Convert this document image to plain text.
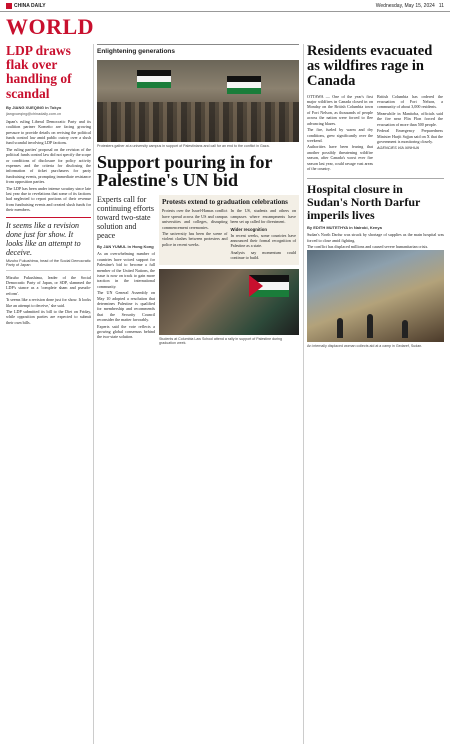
CHINA DAILY	Wednesday, May 15, 2024 11
WORLD
LDP draws flak over handling of scandal
By JIANG XUEQING in Tokyo
jiangxueqing@chinadaily.com.cn

Japan's ruling Liberal Democratic Party and its coalition partner Komeito are facing growing pressure to provide details on revising the political funds control law amid public outcry over a slush fund scandal involving LDP factions.

The ruling parties' proposal on the revision of the political funds control law did not specify the scope or conditions of disclosure for policy activity expenses and the criteria for disclosing the information of ticket purchasers for party fundraising events, prompting immediate resistance from opposition parties.

The LDP has been under intense scrutiny since late last year due to revelations that some of its factions had neglected to report portions of their revenue from fundraising events and created slush funds for their members.

It seems like a revision done just for show. It looks like an attempt to deceive.
Mizuho Fukushima, head of the Social Democratic Party of Japan

Mizuho Fukushima, leader of the Social Democratic Party of Japan, or SDP, slammed the LDP's stance as a 'complete sham and pseudo-reform'.

'It seems like a revision done just for show. It looks like an attempt to deceive,' she said.

The LDP submitted its bill to the Diet on Friday, while opposition parties are expected to submit their own bills.

Enlightening generations
Protesters gather at a university campus in support of Palestinians and call for an end to the conflict in Gaza.
Support pouring in for Palestine's UN bid
Experts call for continuing efforts toward two-state solution and peace
By JAN YUMUL in Hong Kong

As an overwhelming number of countries have voiced support for Palestine's bid to become a full member of the United Nations, the issue is now on track to gain more traction in the international community.

The UN General Assembly on May 10 adopted a resolution that determines Palestine is qualified for membership and recommends that the Security Council reconsider the matter favorably.

Experts said the vote reflects a growing global consensus behind the two-state solution.

Protests extend to graduation celebrations

Protests over the Israel-Hamas conflict have spread across the US and campus universities and colleges, disrupting commencement ceremonies.

The university has been the scene of violent clashes between protesters and police in recent weeks.

In the US, students and others on campuses where encampments have been set up called for divestment.

Wider recognition

In recent weeks, some countries have announced their formal recognition of Palestine as a state.

Analysts say momentum could continue to build.

Students at Columbia Law School attend a rally in support of Palestine during graduation week.
Residents evacuated as wildfires rage in Canada

OTTAWA — One of the year's first major wildfires in Canada closed in on Monday on the British Columbia town of Fort Nelson, as thousands of people across the nation were forced to flee advancing blazes.

The fire, fueled by warm and dry conditions, grew significantly over the weekend.

Authorities have been fearing that another possibly threatening wildfire season, after Canada's worst ever fire season last year, could ravage vast areas of the country.

British Columbia has ordered the evacuation of Fort Nelson, a community of about 3,000 residents.

Meanwhile in Manitoba, officials said the fire near Flin Flon forced the evacuation of more than 500 people.

Federal Emergency Preparedness Minister Harjit Sajjan said on X that the government is monitoring closely.

AGENCIES VIA XINHUA
Hospital closure in Sudan's North Darfur imperils lives
By EDITH MUTETHYA in Nairobi, Kenya

Sudan's North Darfur was struck by shortage of supplies as the main hospital was forced to close amid fighting.

The conflict has displaced millions and caused severe humanitarian crisis.

An internally displaced woman collects aid at a camp in Gedaref, Sudan.
